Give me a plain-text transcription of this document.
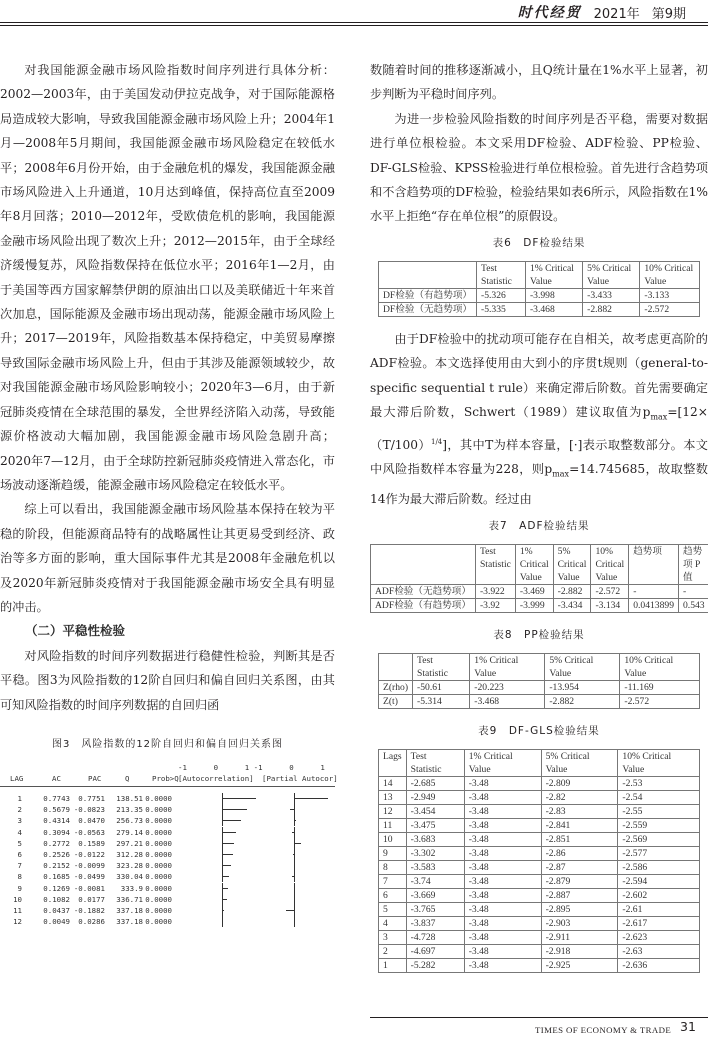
时代经贸 2021年 第9期

对我国能源金融市场风险指数时间序列进行具体分析：2002—2003年，由于美国发动伊拉克战争，对于国际能源格局造成较大影响，导致我国能源金融市场风险上升；2004年1月—2008年5月期间，我国能源金融市场风险稳定在较低水平；2008年6月份开始，由于金融危机的爆发，我国能源金融市场风险进入上升通道，10月达到峰值，保持高位直至2009年8月回落；2010—2012年，受欧债危机的影响，我国能源金融市场风险出现了数次上升；2012—2015年，由于全球经济缓慢复苏，风险指数保持在低位水平；2016年1—2月，由于美国等西方国家解禁伊朗的原油出口以及美联储近十年来首次加息，国际能源及金融市场出现动荡，能源金融市场风险上升；2017—2019年，风险指数基本保持稳定，中美贸易摩擦导致国际金融市场风险上升，但由于其涉及能源领域较少，故对我国能源金融市场风险影响较小；2020年3—6月，由于新冠肺炎疫情在全球范围的暴发，全世界经济陷入动荡，导致能源价格波动大幅加剧，我国能源金融市场风险急剧升高；2020年7—12月，由于全球防控新冠肺炎疫情进入常态化，市场波动逐渐趋缓，能源金融市场风险稳定在较低水平。

综上可以看出，我国能源金融市场风险基本保持在较为平稳的阶段，但能源商品特有的战略属性让其更易受到经济、政治等多方面的影响，重大国际事件尤其是2008年金融危机以及2020年新冠肺炎疫情对于我国能源金融市场安全具有明显的冲击。

（二）平稳性检验

对风险指数的时间序列数据进行稳健性检验，判断其是否平稳。图3为风险指数的12阶自回归和偏自回归关系图，由其可知风险指数的时间序列数据的自回归函

图3　风险指数的12阶自回归和偏自回归关系图
-1      0      1 -1      0      1
LAG	AC	PAC	Q	Prob>Q [Autocorrelation] [Partial Autocor]
1	0.7743 0.7751 138.51 0.0000
2	0.5679 -0.0823 213.35 0.0000
3	0.4314 0.0470 256.73 0.0000
4	0.3094 -0.0563 279.14 0.0000
5	0.2772 0.1589 297.21 0.0000
6	0.2526 -0.0122 312.28 0.0000
7	0.2152 -0.0099 323.28 0.0000
8	0.1685 -0.0499 330.04 0.0000
9	0.1269 -0.0081 333.9 0.0000
10	0.1082 0.0177 336.71 0.0000
11	0.0437 -0.1882 337.18 0.0000
12	0.0049 0.0286 337.18 0.0000

数随着时间的推移逐渐减小，且Q统计量在1%水平上显著，初步判断为平稳时间序列。

为进一步检验风险指数的时间序列是否平稳，需要对数据进行单位根检验。本文采用DF检验、ADF检验、PP检验、DF-GLS检验、KPSS检验进行单位根检验。首先进行含趋势项和不含趋势项的DF检验，检验结果如表6所示，风险指数在1%水平上拒绝“存在单位根”的原假设。

表6　DF检验结果
	Test Statistic	1% Critical Value	5% Critical Value	10% Critical Value
DF检验（有趋势项）	-5.326	-3.998	-3.433	-3.133
DF检验（无趋势项）	-5.335	-3.468	-2.882	-2.572

由于DF检验中的扰动项可能存在自相关，故考虑更高阶的ADF检验。本文选择使用由大到小的序贯t规则（general-to-specific sequential t rule）来确定滞后阶数。首先需要确定最大滞后阶数，Schwert（1989）建议取值为$p_{max}=[12\times(T/100)^{1/4}]$，其中T为样本容量，[·]表示取整数部分。本文中风险指数样本容量为228，则$p_{max}=14.745685$，故取整数14作为最大滞后阶数。经过由

表7　ADF检验结果
	Test Statistic	1% Critical Value	5% Critical Value	10% Critical Value	趋势项	趋势项 P值
ADF检验（无趋势项）	-3.922	-3.469	-2.882	-2.572	-	-
ADF检验（有趋势项）	-3.92	-3.999	-3.434	-3.134	0.0413899	0.543
表8　PP检验结果
	Test Statistic	1% Critical Value	5% Critical Value	10% Critical Value
Z(rho)	-50.61	-20.223	-13.954	-11.169
Z(t)	-5.314	-3.468	-2.882	-2.572
表9　DF-GLS检验结果
Lags	Test Statistic	1% Critical Value	5% Critical Value	10% Critical Value
14	-2.685	-3.48	-2.809	-2.53
13	-2.949	-3.48	-2.82	-2.54
12	-3.454	-3.48	-2.83	-2.55
11	-3.475	-3.48	-2.841	-2.559
10	-3.683	-3.48	-2.851	-2.569
9	-3.302	-3.48	-2.86	-2.577
8	-3.583	-3.48	-2.87	-2.586
7	-3.74	-3.48	-2.879	-2.594
6	-3.669	-3.48	-2.887	-2.602
5	-3.765	-3.48	-2.895	-2.61
4	-3.837	-3.48	-2.903	-2.617
3	-4.728	-3.48	-2.911	-2.623
2	-4.697	-3.48	-2.918	-2.63
1	-5.282	-3.48	-2.925	-2.636
TIMES OF ECONOMY & TRADE 31
